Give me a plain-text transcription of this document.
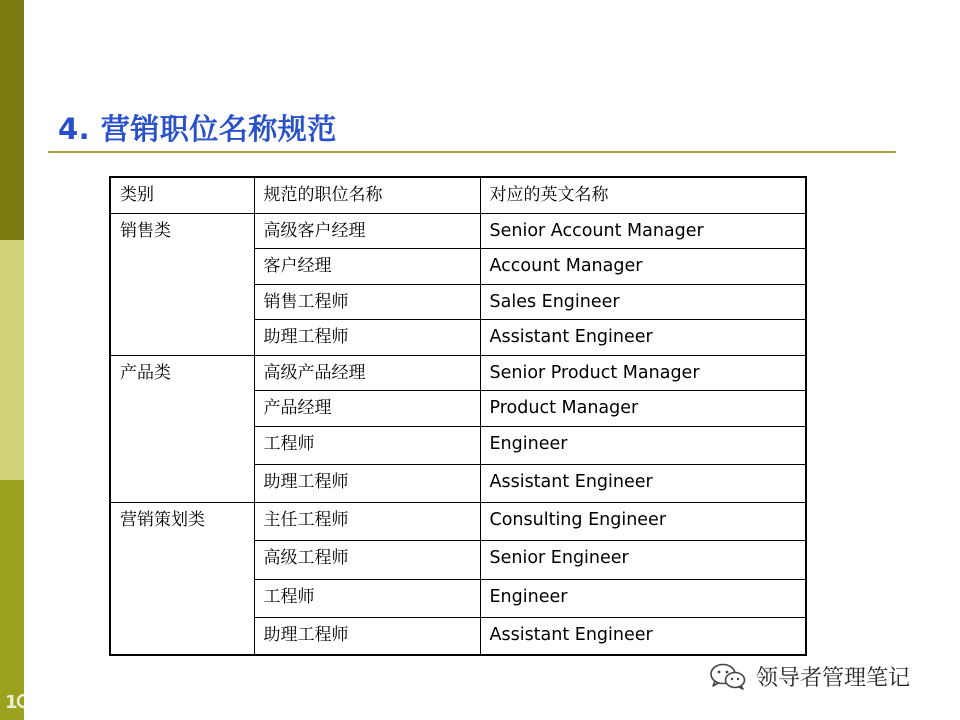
4. 营销职位名称规范
类别	规范的职位名称	对应的英文名称
销售类	高级客户经理	Senior Account Manager
	客户经理	Account Manager
	销售工程师	Sales Engineer
	助理工程师	Assistant Engineer
产品类	高级产品经理	Senior Product Manager
	产品经理	Product Manager
	工程师	Engineer
	助理工程师	Assistant Engineer
营销策划类	主任工程师	Consulting Engineer
	高级工程师	Senior Engineer
	工程师	Engineer
	助理工程师	Assistant Engineer
领导者管理笔记
1 大数跨境
